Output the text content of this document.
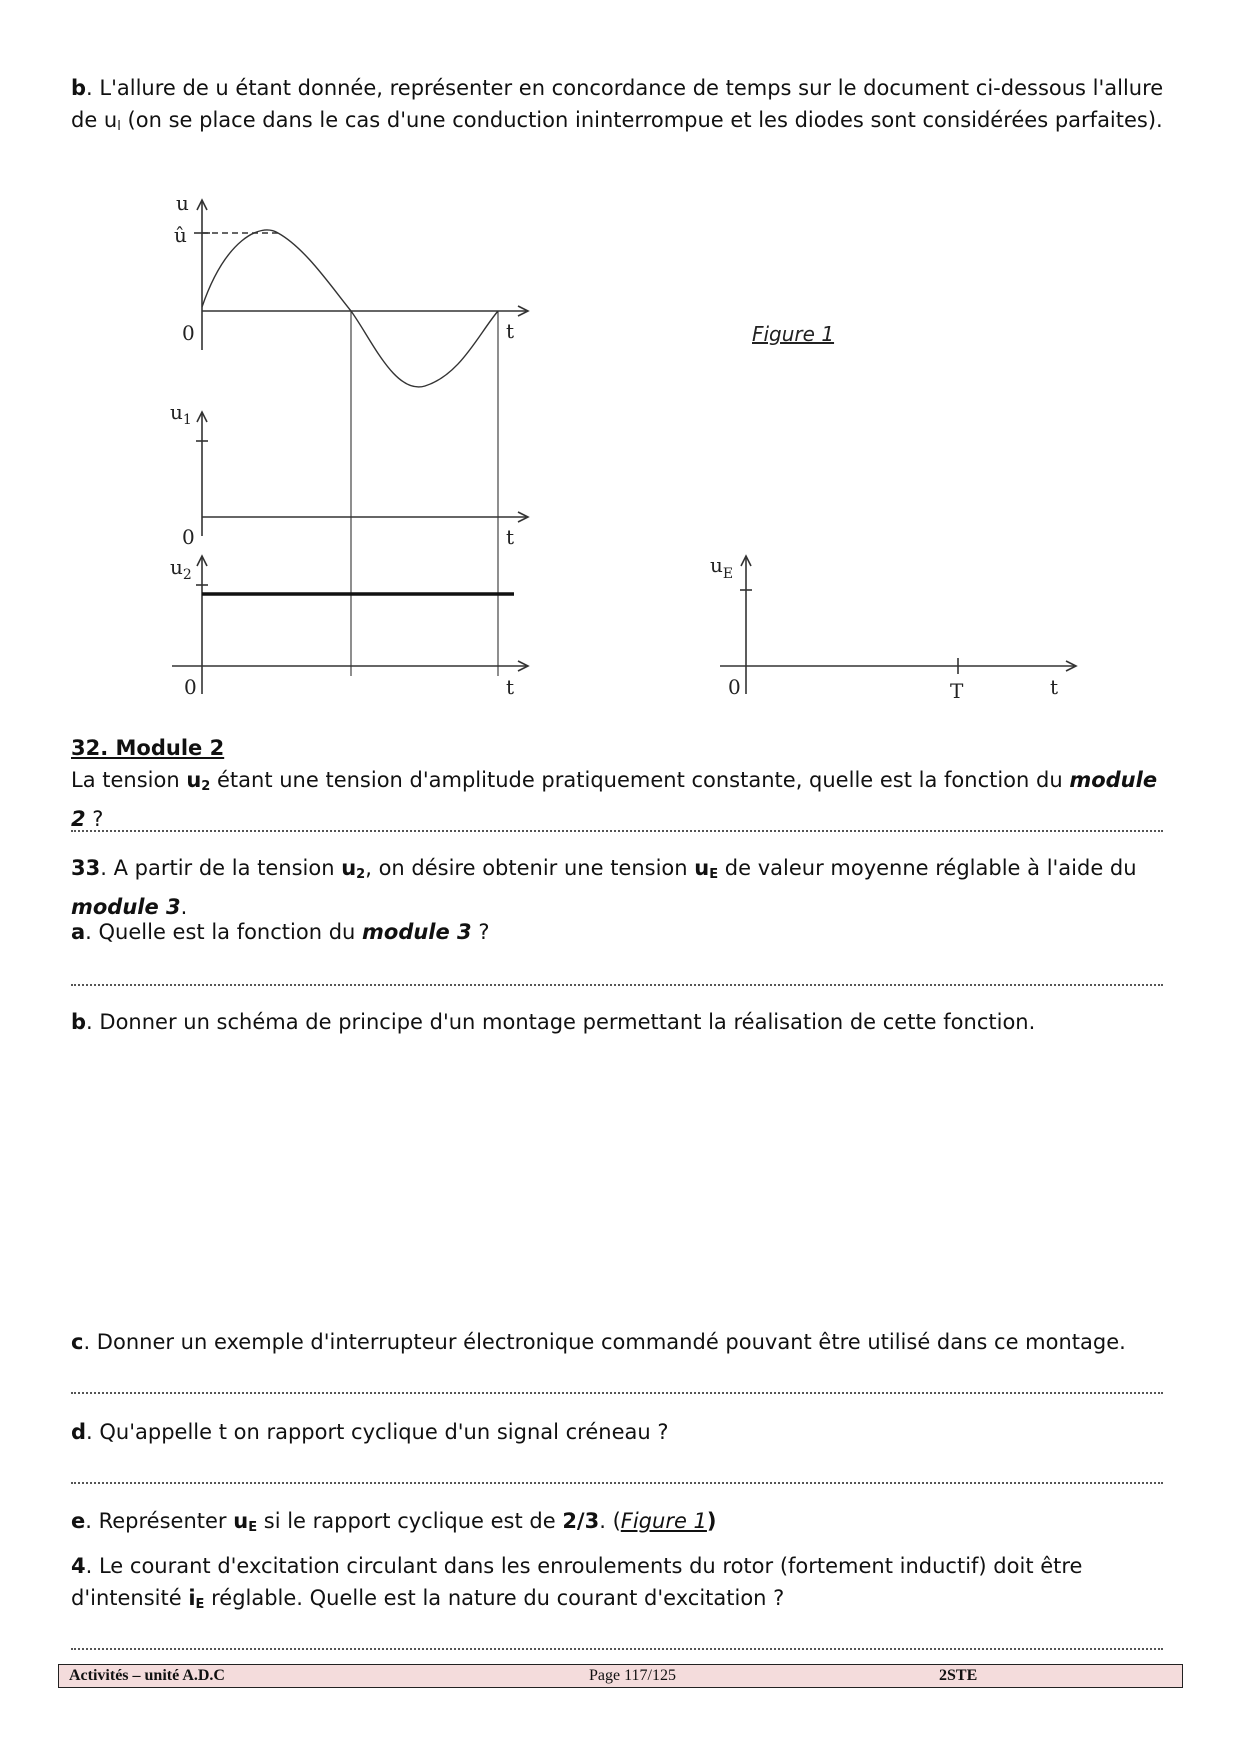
b. L'allure de u étant donnée, représenter en concordance de temps sur le document ci-dessous l'allure de $u_l$ (on se place dans le cas d'une conduction ininterrompue et les diodes sont considérées parfaites).

u
û
0	t
$u_1$
0	t
$u_2$
0	t
$u_E$
0	T	t
Figure 1

32. Module 2

La tension $u_2$ étant une tension d'amplitude pratiquement constante, quelle est la fonction du module 2 ?

33. A partir de la tension $u_2$, on désire obtenir une tension $u_E$ de valeur moyenne réglable à l'aide du module 3.

a. Quelle est la fonction du module 3 ?

b. Donner un schéma de principe d'un montage permettant la réalisation de cette fonction.

c. Donner un exemple d'interrupteur électronique commandé pouvant être utilisé dans ce montage.

d. Qu'appelle t on rapport cyclique d'un signal créneau ?

e. Représenter $u_E$ si le rapport cyclique est de 2/3. (Figure 1)

4. Le courant d'excitation circulant dans les enroulements du rotor (fortement inductif) doit être d'intensité $i_E$ réglable. Quelle est la nature du courant d'excitation ?

Activités – unité A.D.C	Page 117/125	2STE
